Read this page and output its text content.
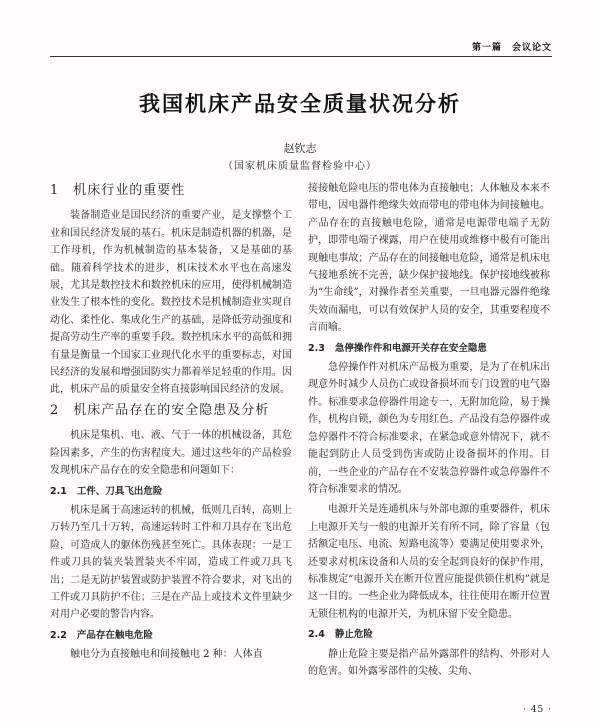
第一篇　会议论文
我国机床产品安全质量状况分析
赵钦志
（国家机床质量监督检验中心）
1 机床行业的重要性

装备制造业是国民经济的重要产业，是支撑整个工业和国民经济发展的基石。机床是制造机器的机器，是工作母机，作为机械制造的基本装备，又是基础的基础。随着科学技术的进步，机床技术水平也在高速发展，尤其是数控技术和数控机床的应用，使得机械制造业发生了根本性的变化。数控技术是机械制造业实现自动化、柔性化、集成化生产的基础，是降低劳动强度和提高劳动生产率的重要手段。数控机床水平的高低和拥有量是衡量一个国家工业现代化水平的重要标志，对国民经济的发展和增强国防实力都着举足轻重的作用。因此，机床产品的质量安全将直接影响国民经济的发展。

2 机床产品存在的安全隐患及分析

机床是集机、电、液、气于一体的机械设备，其危险因素多，产生的伤害程度大。通过这些年的产品检验发现机床产品存在的安全隐患和问题如下：

2.1 工件、刀具飞出危险

机床是属于高速运转的机械，低则几百转，高则上万转乃至几十万转，高速运转时工件和刀具存在飞出危险，可造成人的躯体伤残甚至死亡。具体表现：一是工件或刀具的装夹装置装夹不牢固，造成工件或刀具飞出；二是无防护装置或防护装置不符合要求，对飞出的工件或刀具防护不住；三是在产品上或技术文件里缺少对用户必要的警告内容。

2.2 产品存在触电危险

触电分为直接触电和间接触电 2 种：人体直

接接触危险电压的带电体为直接触电；人体触及本来不带电，因电器件绝缘失效而带电的带电体为间接触电。产品存在的直接触电危险，通常是电源带电端子无防护，即带电端子裸露，用户在使用或维修中极有可能出现触电事故；产品存在的间接触电危险，通常是机床电气接地系统不完善，缺少保护接地线。保护接地线被称为“生命线”，对操作者至关重要，一旦电器元器件绝缘失效而漏电，可以有效保护人员的安全，其重要程度不言而喻。

2.3 急停操作件和电源开关存在安全隐患

急停操作件对机床产品极为重要，是为了在机床出现意外时减少人员伤亡或设备损坏而专门设置的电气器件。标准要求急停器件用途专一，无附加危险，易于操作，机构自锁，颜色为专用红色。产品没有急停器件或急停器件不符合标准要求，在紧急或意外情况下，就不能起到防止人员受到伤害或防止设备损坏的作用。目前，一些企业的产品存在不安装急停器件或急停器件不符合标准要求的情况。

电源开关是连通机床与外部电源的重要器件，机床上电源开关与一般的电源开关有所不同，除了容量（包括额定电压、电流、短路电流等）要满足使用要求外，还要求对机床设备和人员的安全起到良好的保护作用，标准规定“电源开关在断开位置应能提供锁住机构”就是这一目的。一些企业为降低成本，往往使用在断开位置无锁住机构的电源开关，为机床留下安全隐患。

2.4 静止危险

静止危险主要是指产品外露部件的结构、外形对人的危害。如外露零部件的尖棱、尖角、

· 45 ·
